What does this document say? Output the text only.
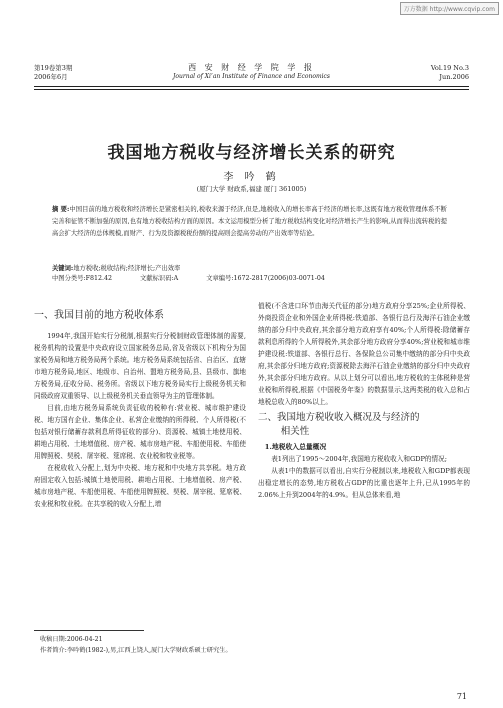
万方数据 http://www.cqvip.com
第19卷第3期
2006年6月
西 安 财 经 学 院 学 报
Journal of Xi’an Institute of Finance and Economics
Vol.19 No.3
Jun.2006
我国地方税收与经济增长关系的研究
李 吟 鹤
(厦门大学 财政系,福建 厦门 361005)
摘 要:中国目前的地方税收和经济增长是紧密相关的,税收来源于经济,但是,地税收入的增长率高于经济的增长率,这既有地方税收管理体系不断完善和征管不断加强的原因,也有地方税收结构方面的原因。本文运用模型分析了地方税收结构变化对经济增长产生的影响,从而得出流转税的提高会扩大经济的总体规模,而财产、行为及资源税税份额的提高则会提高劳动的产出效率等结论。
关键词:地方税收;税收结构;经济增长;产出效率
中图分类号:F812.42	文献标识码:A	文章编号:1672-2817(2006)03-0071-04
一、我国目前的地方税收体系

1994年,我国开始实行分税制,根据实行分税制财政管理体制的需要,税务机构的设置是中央政府设立国家税务总局,省及省级以下机构分为国家税务局和地方税务局两个系统。地方税务局系统包括省、自治区、直辖市地方税务局,地区、地级市、自治州、盟地方税务局,县、县级市、旗地方税务局,征收分局、税务所。省级以下地方税务局实行上级税务机关和同级政府双重领导、以上级税务机关垂直领导为主的管理体制。

目前,由地方税务局系统负责征收的税种有:营业税、城市维护建设税、地方国有企业、集体企业、私营企业缴纳的所得税、个人所得税(不包括对银行储蓄存款利息所得征收的部分)、资源税、城镇土地使用税、耕地占用税、土地增值税、房产税、城市房地产税、车船使用税、车船使用牌照税、契税、屠宰税、筵席税、农业税和牧业税等。

在税收收入分配上,划为中央税、地方税和中央地方共享税。地方政府固定收入包括:城镇土地使用税、耕地占用税、土地增值税、房产税、城市房地产税、车船使用税、车船使用牌照税、契税、屠宰税、筵席税、农业税和牧业税。在共享税的收入分配上,增

值税(不含进口环节由海关代征的部分)地方政府分享25%;企业所得税、外商投资企业和外国企业所得税:铁道部、各银行总行及海洋石油企业缴纳的部分归中央政府,其余部分地方政府享有40%;个人所得税:除储蓄存款利息所得的个人所得税外,其余部分地方政府分享40%;营业税和城市维护建设税:铁道部、各银行总行、各保险总公司集中缴纳的部分归中央政府,其余部分归地方政府;资源税除去海洋石油企业缴纳的部分归中央政府外,其余部分归地方政府。从以上划分可以看出,地方税收的主体税种是营业税和所得税,根据《中国税务年鉴》的数据显示,这两类税的收入总和占地税总收入的80%以上。

二、我国地方税收收入概况及与经济的
相关性
1.地税收入总量概况

表1列出了1995～2004年,我国地方税收收入和GDP的情况;

从表1中的数据可以看出,自实行分税制以来,地税收入和GDP都表现出稳定增长的态势,地方税收占GDP的比重也逐年上升,已从1995年的2.06%上升到2004年的4.9%。但从总体来看,地

收稿日期:2006-04-21
作者简介:李吟鹤(1982-),男,江西上饶人,厦门大学财政系硕士研究生。
71
